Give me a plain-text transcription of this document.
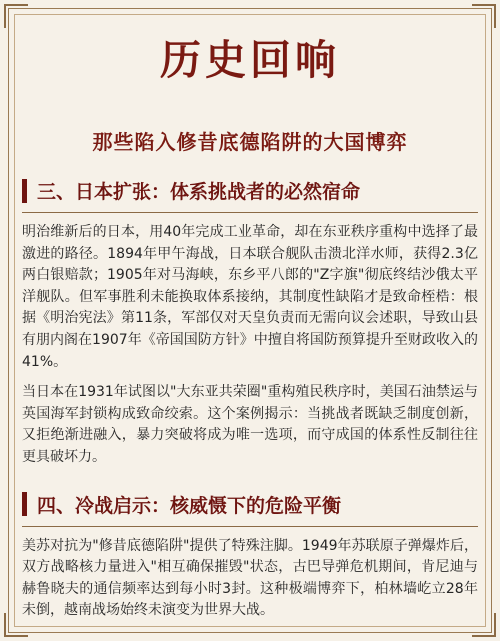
历史回响
那些陷入修昔底德陷阱的大国博弈
三、日本扩张：体系挑战者的必然宿命

明治维新后的日本，用40年完成工业革命，却在东亚秩序重构中选择了最激进的路径。1894年甲午海战，日本联合舰队击溃北洋水师，获得2.3亿两白银赔款；1905年对马海峡，东乡平八郎的"Z字旗"彻底终结沙俄太平洋舰队。但军事胜利未能换取体系接纳，其制度性缺陷才是致命桎梏：根据《明治宪法》第11条，军部仅对天皇负责而无需向议会述职，导致山县有朋内阁在1907年《帝国国防方针》中擅自将国防预算提升至财政收入的41%。

当日本在1931年试图以"大东亚共荣圈"重构殖民秩序时，美国石油禁运与英国海军封锁构成致命绞索。这个案例揭示：当挑战者既缺乏制度创新，又拒绝渐进融入，暴力突破将成为唯一选项，而守成国的体系性反制往往更具破坏力。

四、冷战启示：核威慑下的危险平衡

美苏对抗为"修昔底德陷阱"提供了特殊注脚。1949年苏联原子弹爆炸后，双方战略核力量进入"相互确保摧毁"状态，古巴导弹危机期间，肯尼迪与赫鲁晓夫的通信频率达到每小时3封。这种极端博弈下，柏林墙屹立28年未倒，越南战场始终未演变为世界大战。
